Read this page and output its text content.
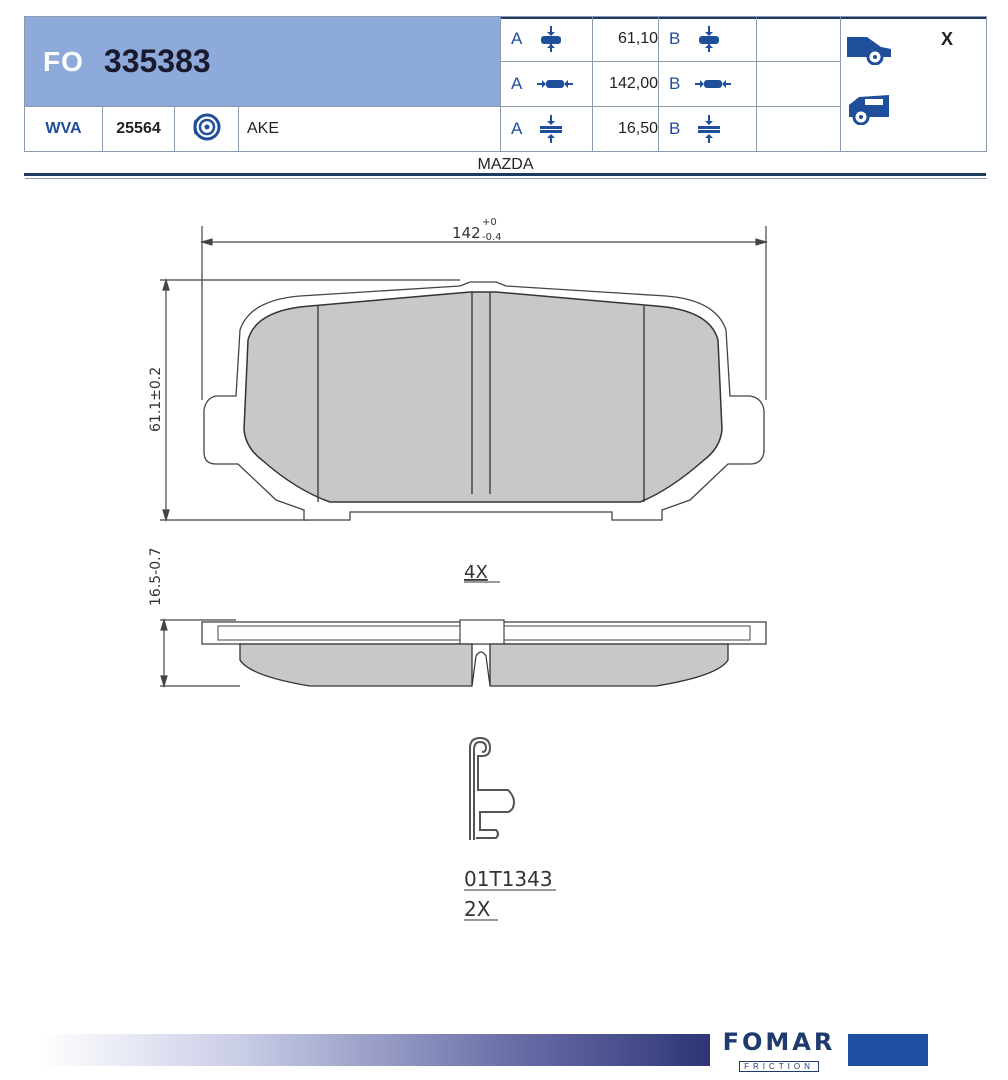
FO 335383				A	61,10	B		X

				A	142,00	B		

WVA	25564		AKE	A	16,50	B

MAZDA								
142
+0
-0.4
61.1±0.2
16.5-0.7	4X
01T1343
2X
FOMAR
FRICTION
